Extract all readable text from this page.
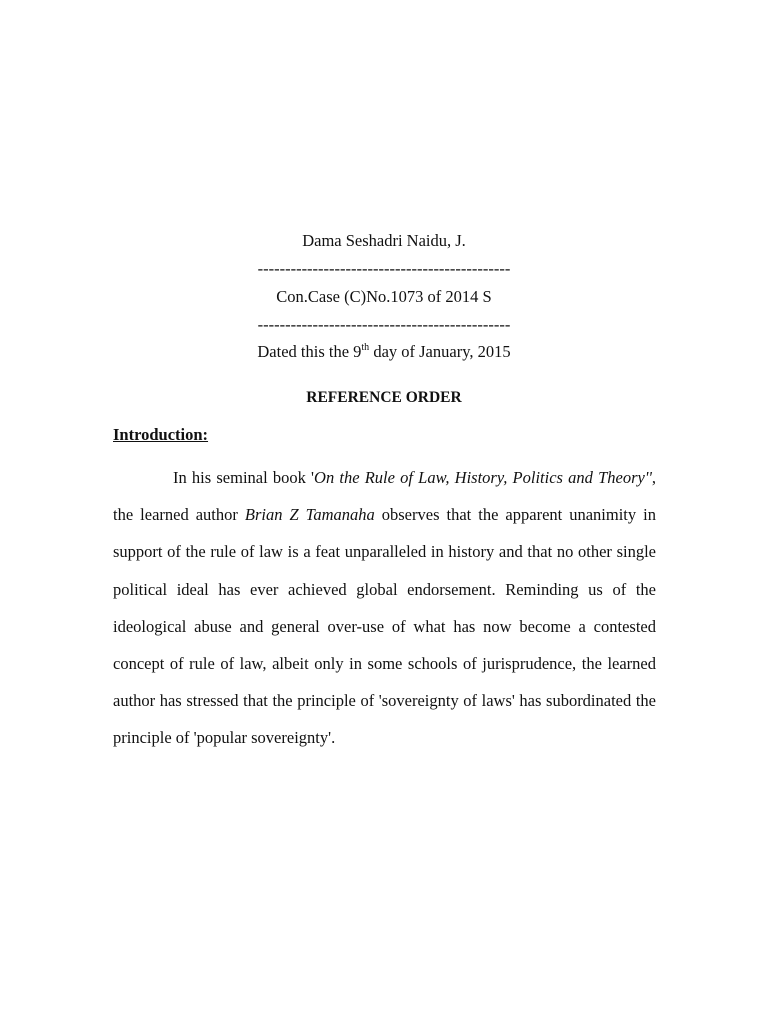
Dama Seshadri Naidu, J.
----------------------------------------------
Con.Case (C)No.1073 of 2014 S
----------------------------------------------
Dated this the 9th day of January, 2015
REFERENCE ORDER
Introduction:

In his seminal book 'On the Rule of Law, History, Politics and Theory'', the learned author Brian Z Tamanaha observes that the apparent unanimity in support of the rule of law is a feat unparalleled in history and that no other single political ideal has ever achieved global endorsement. Reminding us of the ideological abuse and general over-use of what has now become a contested concept of rule of law, albeit only in some schools of jurisprudence, the learned author has stressed that the principle of 'sovereignty of laws' has subordinated the principle of 'popular sovereignty'.
